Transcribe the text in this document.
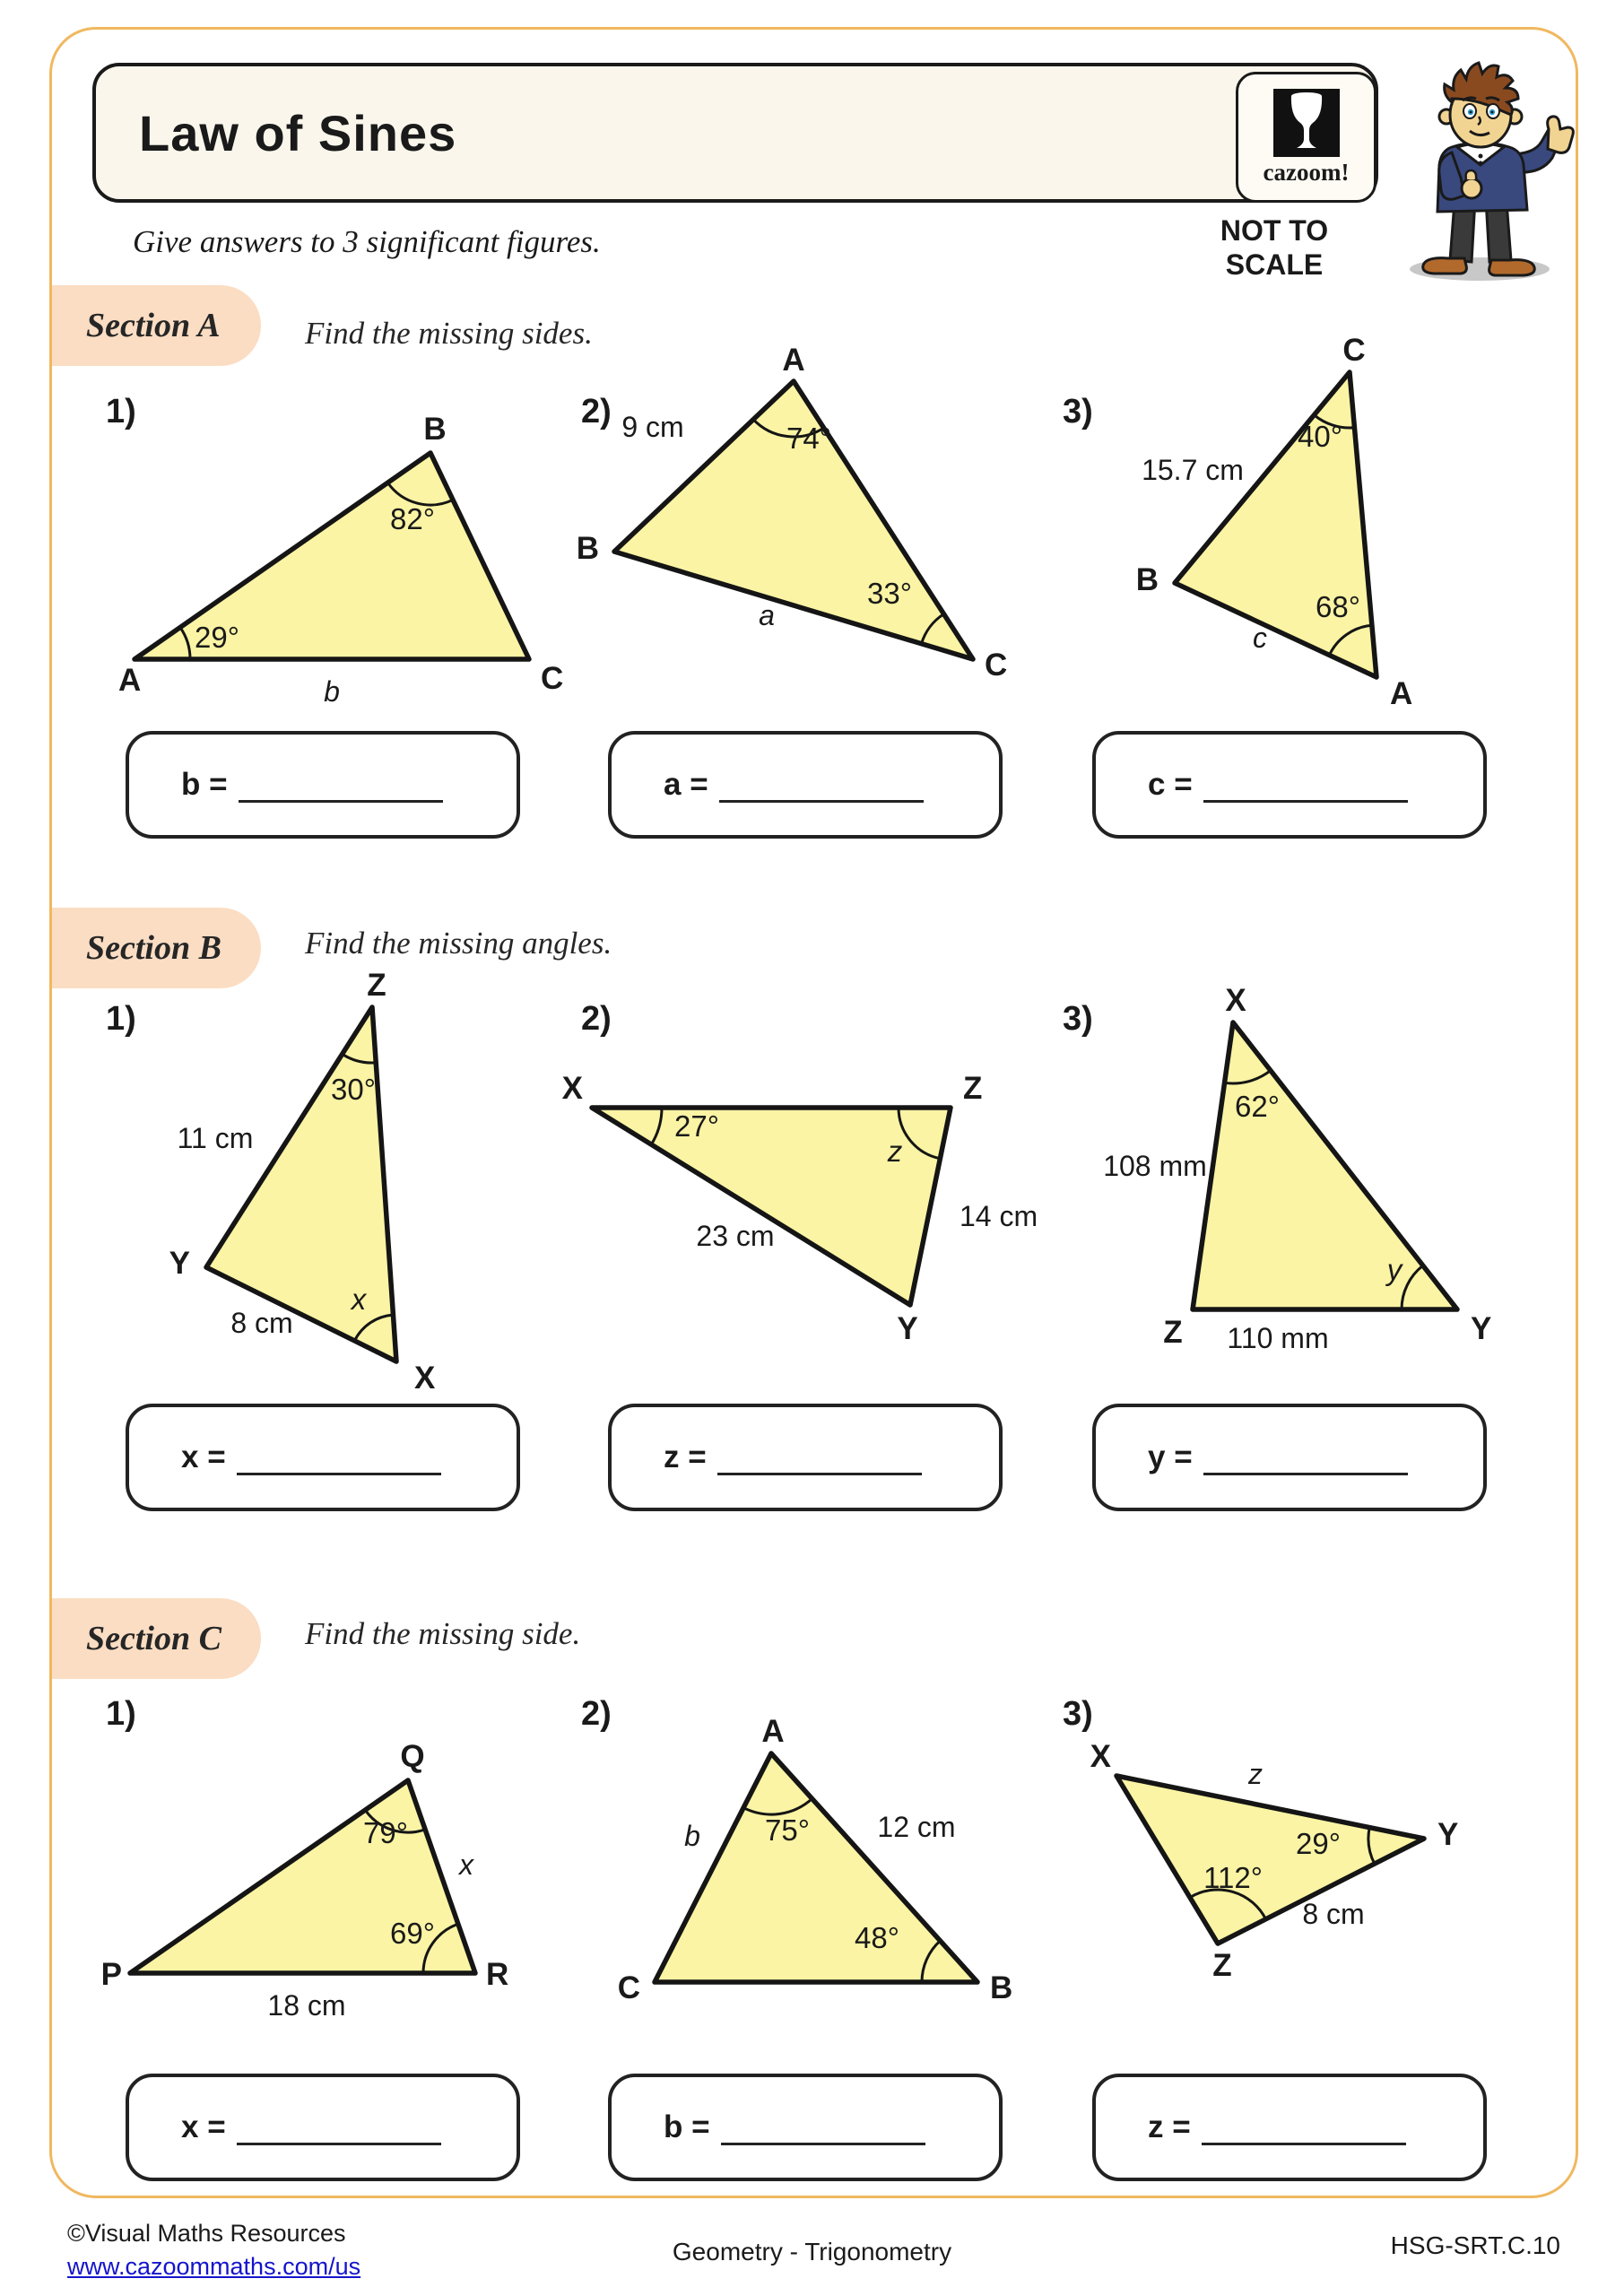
Law of Sines
cazoom!
NOT TO
SCALE
Give answers to 3 significant figures.
Section A	Find the missing sides.
1)
A
B
C
29°
82°
b
2)
A
B
C
74°
33°
9 cm
a
3)
C
B
A
40°
68°
15.7 cm
c
b =	a =	c =
Section B	Find the missing angles.
1)
Z
Y
X
30°
x
11 cm
8 cm
2)
X	Z
Y
27°
z
23 cm
14 cm
3)	X
Z	Y
62°
y
108 mm
110 mm
x =	z =	y =
Section C	Find the missing side.
1)
Q
P	R
79°
69°
x
18 cm
2)	A
C	B
75°
48°
b	12 cm
3)
X
Y
Z
29°
112°
z
8 cm
x =	b =	z =
©Visual Maths Resources
www.cazoommaths.com/us
Geometry - Trigonometry	HSG-SRT.C.10
